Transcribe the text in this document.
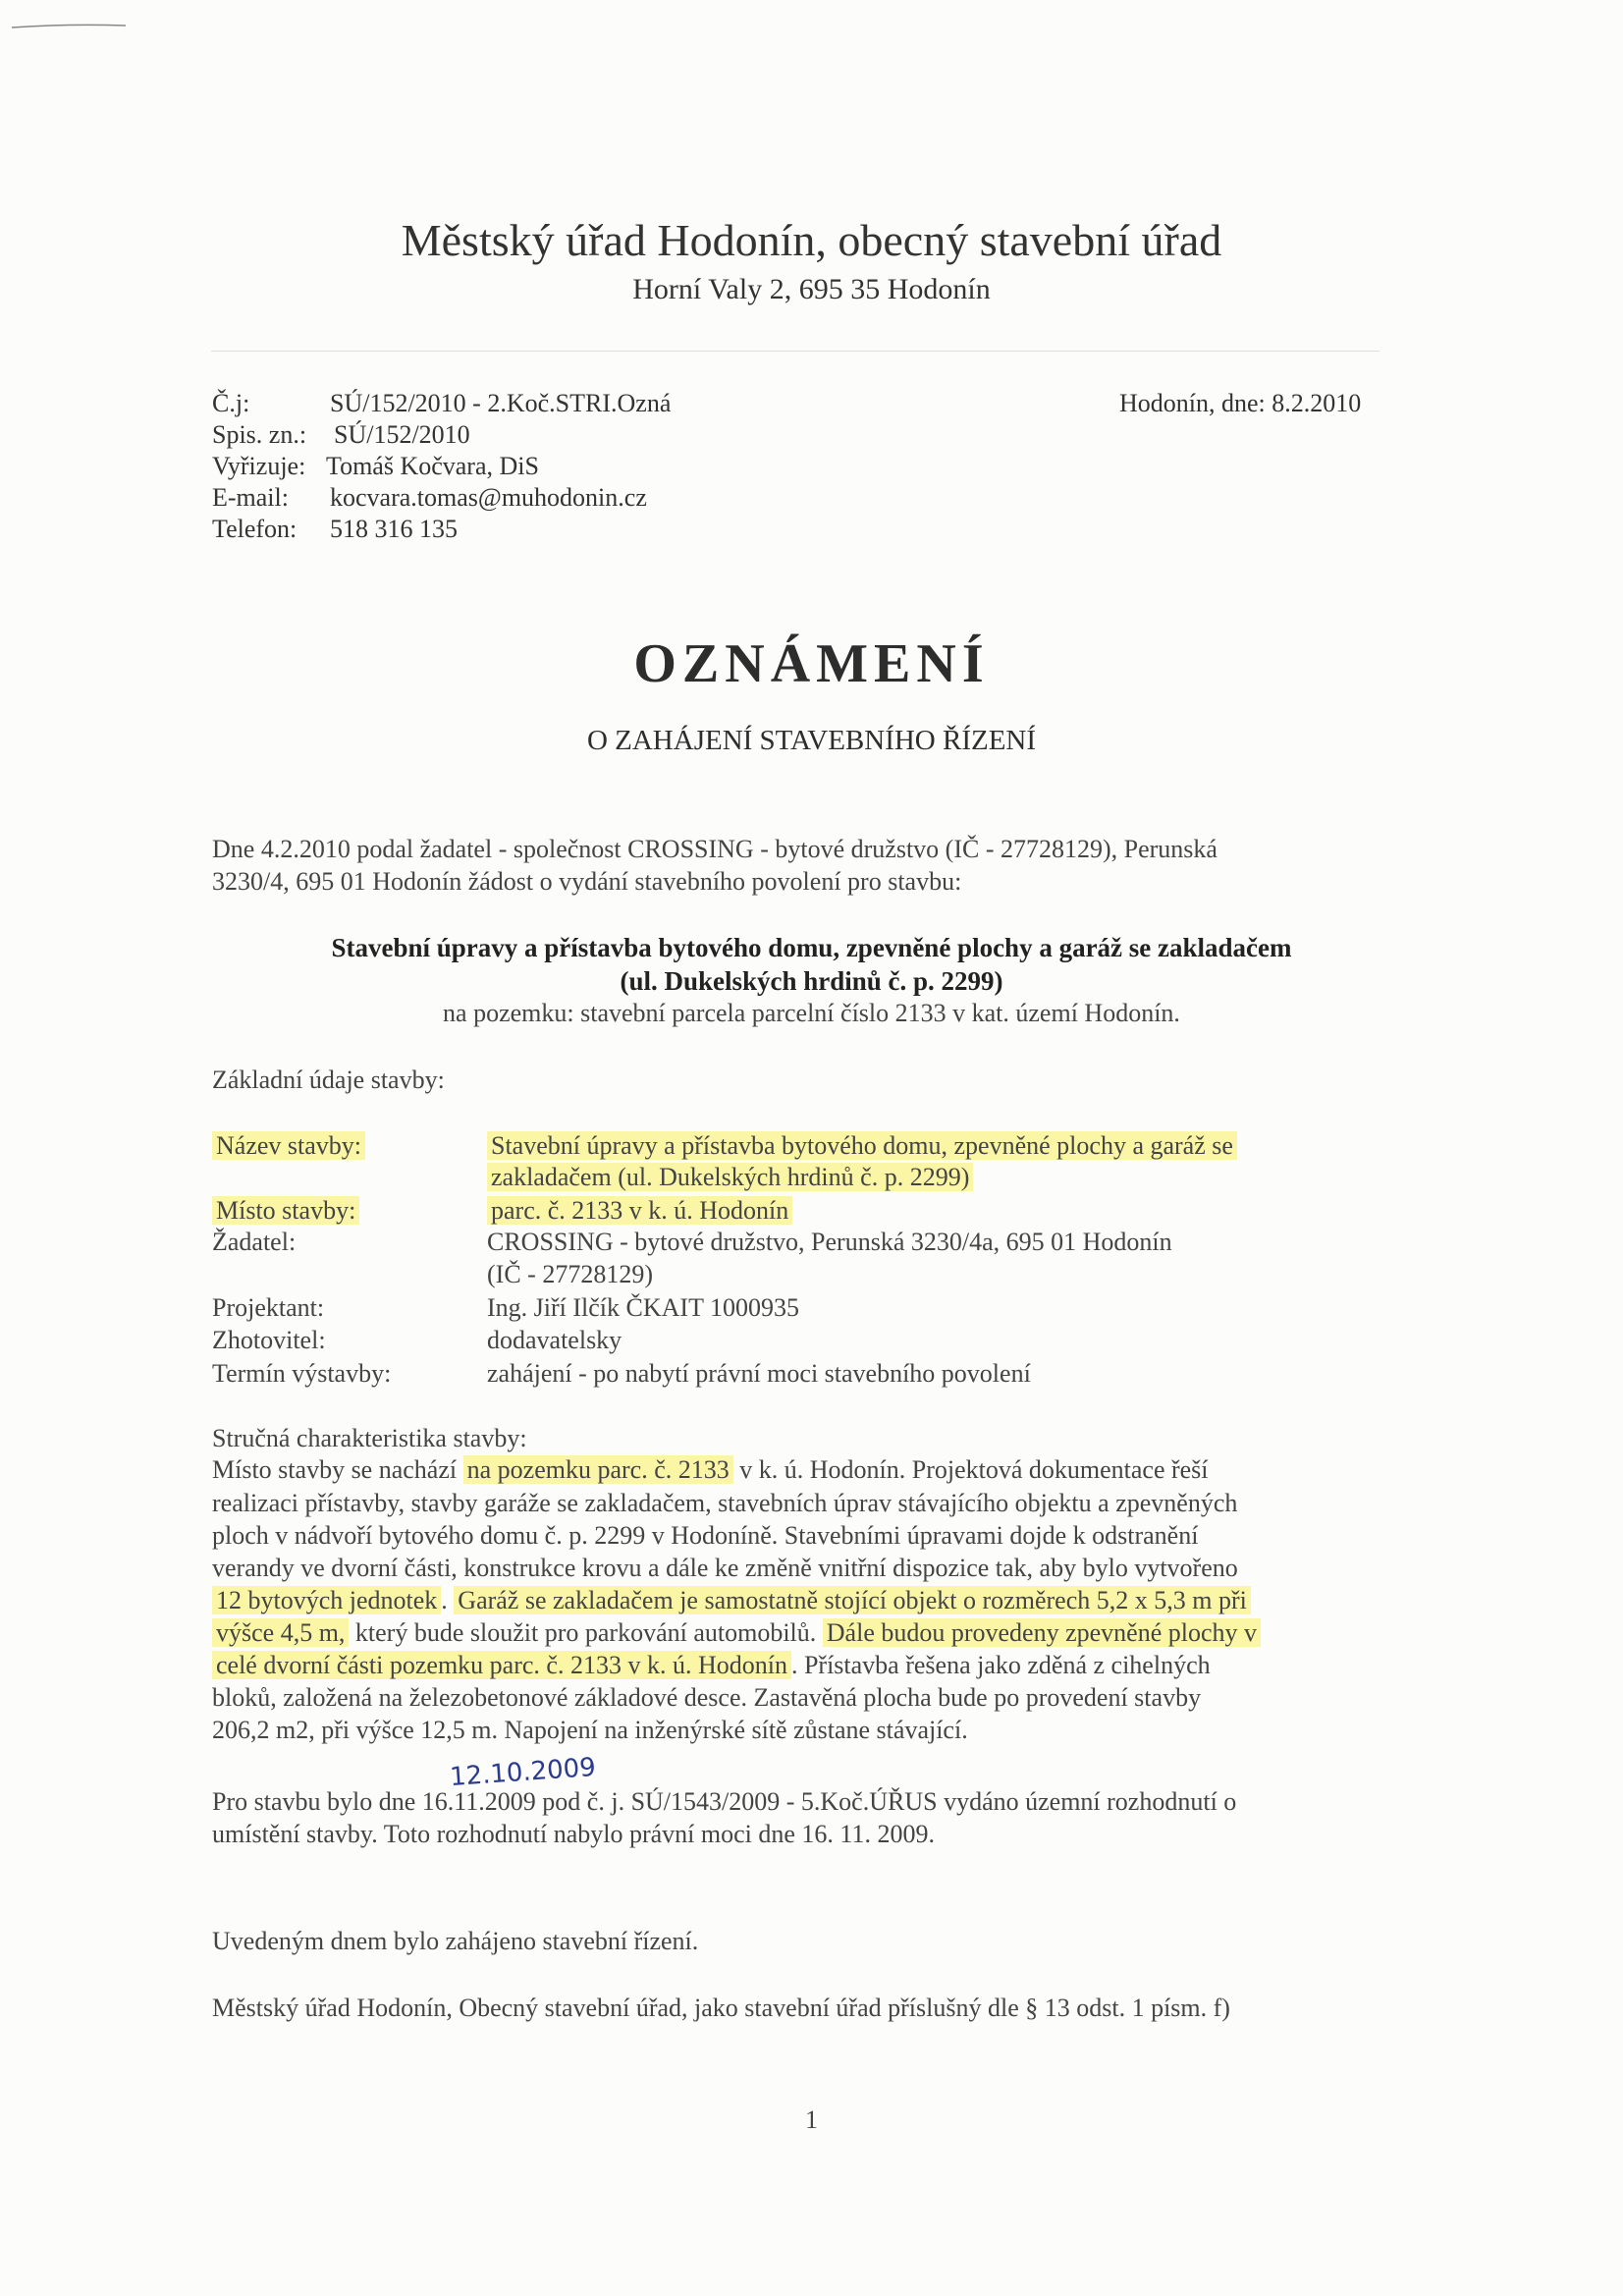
Městský úřad Hodonín, obecný stavební úřad
Horní Valy 2, 695 35 Hodonín
Č.j:	SÚ/152/2010 - 2.Koč.STRI.Ozná
Spis. zn.: SÚ/152/2010
Vyřizuje: Tomáš Kočvara, DiS
E-mail: kocvara.tomas@muhodonin.cz
Telefon: 518 316 135
Hodonín, dne: 8.2.2010
OZNÁMENÍ
O ZAHÁJENÍ STAVEBNÍHO ŘÍZENÍ
Dne 4.2.2010 podal žadatel - společnost CROSSING - bytové družstvo (IČ - 27728129), Perunská
3230/4, 695 01 Hodonín žádost o vydání stavebního povolení pro stavbu:
Stavební úpravy a přístavba bytového domu, zpevněné plochy a garáž se zakladačem
(ul. Dukelských hrdinů č. p. 2299)
na pozemku: stavební parcela parcelní číslo 2133 v kat. území Hodonín.
Základní údaje stavby:
Název stavby:	Stavební úpravy a přístavba bytového domu, zpevněné plochy a garáž se
zakladačem (ul. Dukelských hrdinů č. p. 2299)
Místo stavby:	parc. č. 2133 v k. ú. Hodonín
Žadatel:	CROSSING - bytové družstvo, Perunská 3230/4a, 695 01 Hodonín
(IČ - 27728129)
Projektant:	Ing. Jiří Ilčík ČKAIT 1000935
Zhotovitel:	dodavatelsky
Termín výstavby:	zahájení - po nabytí právní moci stavebního povolení
Stručná charakteristika stavby:
Místo stavby se nachází na pozemku parc. č. 2133 v k. ú. Hodonín. Projektová dokumentace řeší
realizaci přístavby, stavby garáže se zakladačem, stavebních úprav stávajícího objektu a zpevněných
ploch v nádvoří bytového domu č. p. 2299 v Hodoníně. Stavebními úpravami dojde k odstranění
verandy ve dvorní části, konstrukce krovu a dále ke změně vnitřní dispozice tak, aby bylo vytvořeno
12 bytových jednotek . Garáž se zakladačem je samostatně stojící objekt o rozměrech 5,2 x 5,3 m při
výšce 4,5 m, který bude sloužit pro parkování automobilů. Dále budou provedeny zpevněné plochy v
celé dvorní části pozemku parc. č. 2133 v k. ú. Hodonín . Přístavba řešena jako zděná z cihelných
bloků, založená na železobetonové základové desce. Zastavěná plocha bude po provedení stavby
206,2 m2, při výšce 12,5 m. Napojení na inženýrské sítě zůstane stávající.
12.10.2009
Pro stavbu bylo dne 16.11.2009 pod č. j. SÚ/1543/2009 - 5.Koč.ÚŘUS vydáno územní rozhodnutí o
umístění stavby. Toto rozhodnutí nabylo právní moci dne 16. 11. 2009.
Uvedeným dnem bylo zahájeno stavební řízení.
Městský úřad Hodonín, Obecný stavební úřad, jako stavební úřad příslušný dle § 13 odst. 1 písm. f)
1
